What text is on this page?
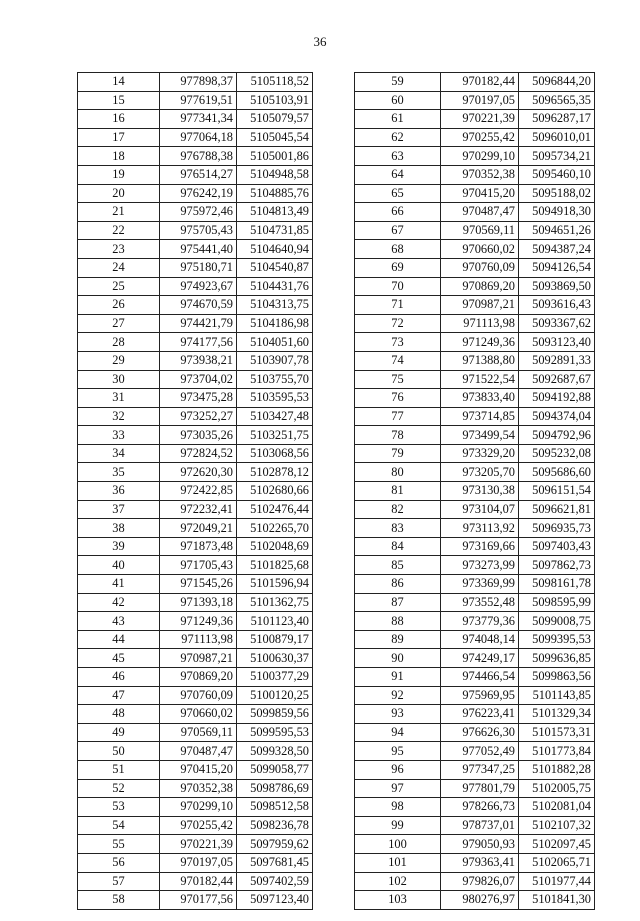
36
14	977898,37	5105118,52
15	977619,51	5105103,91
16	977341,34	5105079,57
17	977064,18	5105045,54
18	976788,38	5105001,86
19	976514,27	5104948,58
20	976242,19	5104885,76
21	975972,46	5104813,49
22	975705,43	5104731,85
23	975441,40	5104640,94
24	975180,71	5104540,87
25	974923,67	5104431,76
26	974670,59	5104313,75
27	974421,79	5104186,98
28	974177,56	5104051,60
29	973938,21	5103907,78
30	973704,02	5103755,70
31	973475,28	5103595,53
32	973252,27	5103427,48
33	973035,26	5103251,75
34	972824,52	5103068,56
35	972620,30	5102878,12
36	972422,85	5102680,66
37	972232,41	5102476,44
38	972049,21	5102265,70
39	971873,48	5102048,69
40	971705,43	5101825,68
41	971545,26	5101596,94
42	971393,18	5101362,75
43	971249,36	5101123,40
44	971113,98	5100879,17
45	970987,21	5100630,37
46	970869,20	5100377,29
47	970760,09	5100120,25
48	970660,02	5099859,56
49	970569,11	5099595,53
50	970487,47	5099328,50
51	970415,20	5099058,77
52	970352,38	5098786,69
53	970299,10	5098512,58
54	970255,42	5098236,78
55	970221,39	5097959,62
56	970197,05	5097681,45
57	970182,44	5097402,59
58	970177,56	5097123,40
59	970182,44	5096844,20
60	970197,05	5096565,35
61	970221,39	5096287,17
62	970255,42	5096010,01
63	970299,10	5095734,21
64	970352,38	5095460,10
65	970415,20	5095188,02
66	970487,47	5094918,30
67	970569,11	5094651,26
68	970660,02	5094387,24
69	970760,09	5094126,54
70	970869,20	5093869,50
71	970987,21	5093616,43
72	971113,98	5093367,62
73	971249,36	5093123,40
74	971388,80	5092891,33
75	971522,54	5092687,67
76	973833,40	5094192,88
77	973714,85	5094374,04
78	973499,54	5094792,96
79	973329,20	5095232,08
80	973205,70	5095686,60
81	973130,38	5096151,54
82	973104,07	5096621,81
83	973113,92	5096935,73
84	973169,66	5097403,43
85	973273,99	5097862,73
86	973369,99	5098161,78
87	973552,48	5098595,99
88	973779,36	5099008,75
89	974048,14	5099395,53
90	974249,17	5099636,85
91	974466,54	5099863,56
92	975969,95	5101143,85
93	976223,41	5101329,34
94	976626,30	5101573,31
95	977052,49	5101773,84
96	977347,25	5101882,28
97	977801,79	5102005,75
98	978266,73	5102081,04
99	978737,01	5102107,32
100	979050,93	5102097,45
101	979363,41	5102065,71
102	979826,07	5101977,44
103	980276,97	5101841,30
